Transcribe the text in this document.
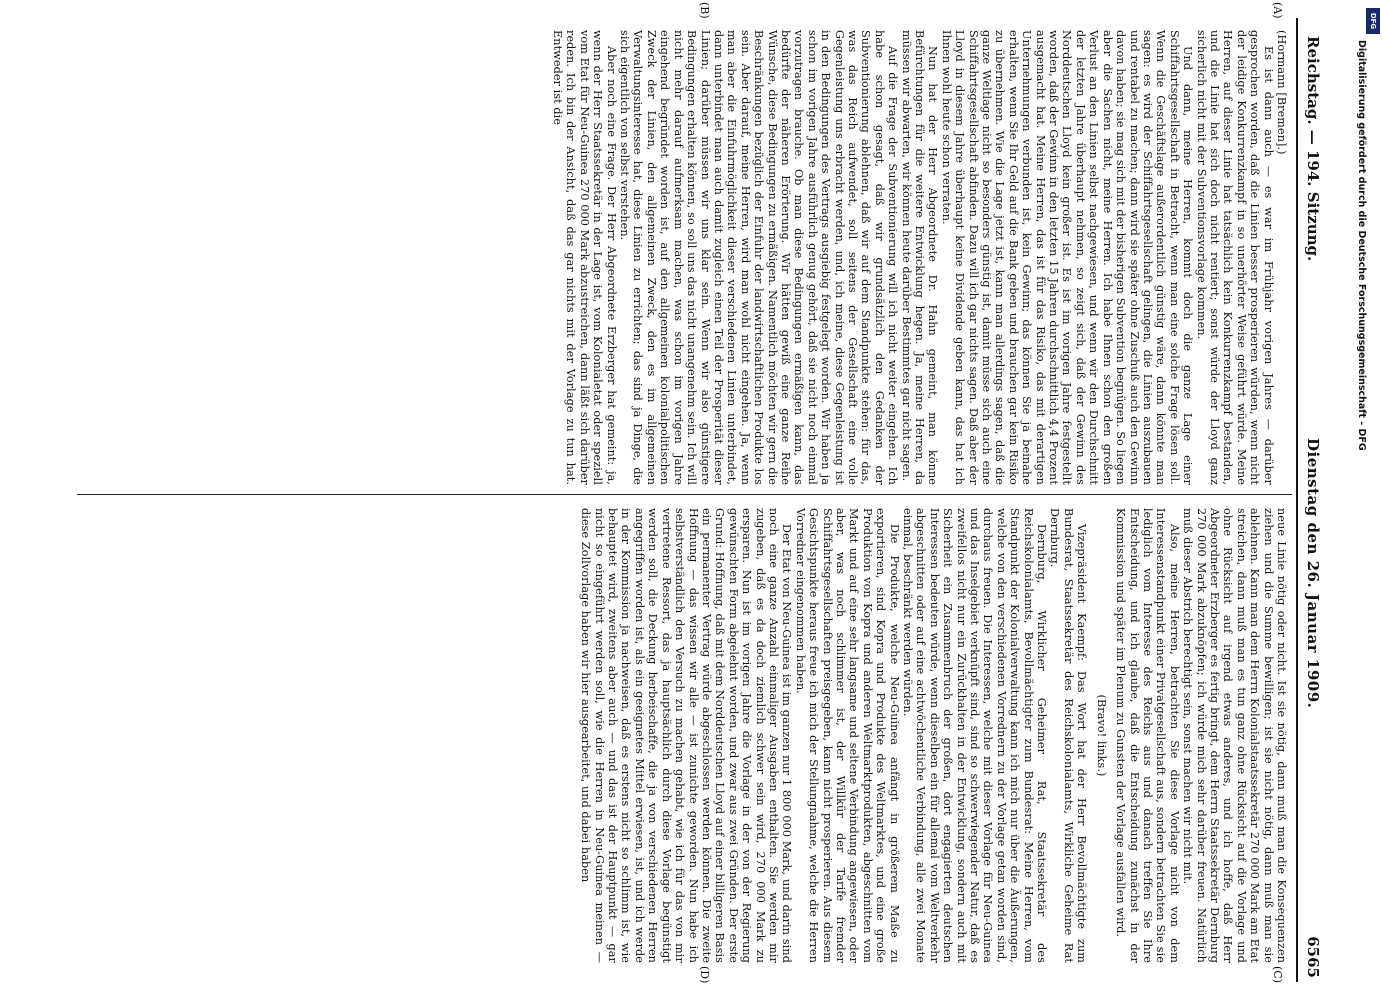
Reichstag. — 194. Sitzung.
Dienstag den 26. Januar 1909.
6565
(A)
(B)
(C)
(D)

(Hormann [Bremen].)

Es ist dann auch — es war im Frühjahr vorigen Jahres — darüber gesprochen worden, daß die Linien besser prosperieren würden, wenn nicht der leidige Konkurrenzkampf in so unerhörter Weise geführt würde. Meine Herren, auf dieser Linie hat tatsächlich kein Konkurrenzkampf bestanden, und die Linie hat sich doch nicht rentiert; sonst würde der Lloyd ganz sicherlich nicht mit der Subventionsvorlage kommen.

Und dann, meine Herren, kommt doch die ganze Lage einer Schiffahrtsgesellschaft in Betracht, wenn man eine solche Frage lösen soll. Wenn die Geschäftslage außerordentlich günstig wäre, dann könnte man sagen: es wird der Schiffahrtsgesellschaft gelingen, die Linien auszubauen und rentabel zu machen; dann wird sie später ohne Zuschuß auch den Gewinn davon haben; sie mag sich mit der bisherigen Subvention begnügen. So liegen aber die Sachen nicht, meine Herren. Ich habe Ihnen schon den großen Verlust an den Linien selbst nachgewiesen, und wenn wir den Durchschnitt der letzten Jahre überhaupt nehmen, so zeigt sich, daß der Gewinn des Norddeutschen Lloyd kein großer ist. Es ist im vorigen Jahre festgestellt worden, daß der Gewinn in den letzten 15 Jahren durchschnittlich 4,4 Prozent ausgemacht hat. Meine Herren, das ist für das Risiko, das mit derartigen Unternehmungen verbunden ist, kein Gewinn; das können Sie ja beinahe erhalten, wenn Sie Ihr Geld auf die Bank geben und brauchen gar kein Risiko zu übernehmen. Wie die Lage jetzt ist, kann man allerdings sagen, daß die ganze Weltlage nicht so besonders günstig ist, damit müsse sich auch eine Schiffahrtsgesellschaft abfinden. Dazu will ich gar nichts sagen. Daß aber der Lloyd in diesem Jahre überhaupt keine Dividende geben kann, das hat ich Ihnen wohl heute schon verraten.

Nun hat der Herr Abgeordnete Dr. Hahn gemeint, man könne Befürchtungen für die weitere Entwicklung hegen. Ja, meine Herren, da müssen wir abwarten, wir können heute darüber Bestimmtes gar nicht sagen.

Auf die Frage der Subventionierung will ich nicht weiter eingehen. Ich habe schon gesagt, daß wir grundsätzlich den Gedanken der Subventionierung ablehnen, daß wir auf dem Standpunkte stehen: für das, was das Reich aufwendet, soll seitens der Gesellschaft eine volle Gegenleistung uns erbracht werden, und, ich meine, diese Gegenleistung ist in den Bedingungen des Vertrags ausgiebig festgelegt worden. Wir haben ja schon im vorigen Jahre ausführlich genug gehört, daß sie nicht noch einmal vorzutragen brauche. Ob man diese Bedingungen ermäßigen kann, das bedürfte der näheren Erörterung. Wir hätten gewiß eine ganze Reihe Wünsche, diese Bedingungen zu ermäßigen. Namentlich möchten wir gern die Beschränkungen bezüglich der Einfuhr der landwirtschaftlichen Produkte los sein. Aber darauf, meine Herren, wird man wohl nicht eingehen. Ja, wenn man aber die Einfuhrmöglichkeit dieser verschiedenen Linien unterbindet, dann unterbindet man auch damit zugleich einen Teil der Prosperität dieser Linien; darüber müssen wir uns klar sein. Wenn wir also günstigere Bedingungen erhalten können, so soll uns das nicht unangenehm sein. Ich will nicht mehr darauf aufmerksam machen, was schon im vorigen Jahre eingehend begründet worden ist, auf den allgemeinen kolonialpolitischen Zweck der Linien, den allgemeinen Zweck, den es im allgemeinen Verwaltungsinteresse hat, diese Linien zu errichten; das sind ja Dinge, die sich eigentlich von selbst verstehen.

Aber noch eine Frage. Der Herr Abgeordnete Erzberger hat gemeint: ja, wenn der Herr Staatssekretär in der Lage ist, vom Kolonialetat oder speziell vom Etat für Neu-Guinea 270 000 Mark abzustreichen, dann läßt sich darüber reden. Ich bin der Ansicht, daß das gar nichts mit der Vorlage zu tun hat. Entweder ist die

neue Linie nötig oder nicht. Ist sie nötig, dann muß man die Konsequenzen ziehen und die Summe bewilligen; ist sie nicht nötig, dann muß man sie ablehnen. Kann man dem Herrn Kolonialstaatssekretär 270 000 Mark am Etat streichen, dann muß man es tun ganz ohne Rücksicht auf die Vorlage und ohne Rücksicht auf irgend etwas anderes, und ich hoffe, daß Herr Abgeordneter Erzberger es fertig bringt, dem Herrn Staatssekretär Dernburg 270 000 Mark abzuknöpfen; ich würde mich sehr darüber freuen. Natürlich muß dieser Abstrich berechtigt sein, sonst machen wir nicht mit.

Also, meine Herren, betrachten Sie diese Vorlage nicht von dem Interessenstandpunkt einer Privatgesellschaft aus, sondern betrachten Sie sie lediglich vom Interesse des Reichs aus und danach treffen Sie Ihre Entscheidung, und ich glaube, daß die Entscheidung zunächst in der Kommission und später im Plenum zu Gunsten der Vorlage ausfallen wird.

(Bravo! links.)

Vizepräsident Kaempf: Das Wort hat der Herr Bevollmächtigte zum Bundesrat, Staatssekretär des Reichskolonialamts, Wirkliche Geheime Rat Dernburg.

Dernburg, Wirklicher Geheimer Rat, Staatssekretär des Reichskolonialamts, Bevollmächtigter zum Bundesrat: Meine Herren, vom Standpunkt der Kolonialverwaltung kann ich mich nur über die Äußerungen, welche von den verschiedenen Vorrednern zu der Vorlage getan worden sind, durchaus freuen. Die Interessen, welche mit dieser Vorlage für Neu-Guinea und das Inselgebiet verknüpft sind, sind so schwerwiegender Natur, daß es zweifellos nicht nur ein Zurückhalten in der Entwicklung, sondern auch mit Sicherheit ein Zusammenbruch der großen, dort engagierten deutschen Interessen bedeuten würde, wenn dieselben ein für allemal vom Weltverkehr abgeschnitten oder auf eine achtwöchentliche Verbindung, alle zwei Monate einmal, beschränkt werden würden.

Die Produkte, welche Neu-Guinea anfängt in größerem Maße zu exportieren, sind Kopra und Produkte des Weltmarktes, und eine große Produktion von Kopra und anderen Weltmarktprodukten, abgeschnitten vom Markt und auf eine sehr langsame und seltene Verbindung angewiesen, oder aber, was noch schlimmer ist, der Willkür der Tarife fremder Schiffahrtsgesellschaften preisgegeben, kann nicht prosperieren. Aus diesem Gesichtspunkte heraus freue ich mich der Stellungnahme, welche die Herren Vorredner eingenommen haben.

Der Etat von Neu-Guinea ist im ganzen nur 1 800 000 Mark, und darin sind noch eine ganze Anzahl einmaliger Ausgaben enthalten. Sie werden mir zugeben, daß es da doch ziemlich schwer sein wird, 270 000 Mark zu ersparen. Nun ist im vorigen Jahre die Vorlage in der von der Regierung gewünschten Form abgelehnt worden, und zwar aus zwei Gründen. Der erste Grund: Hoffnung, daß mit dem Norddeutschen Lloyd auf einer billigeren Basis ein permanenter Vertrag würde abgeschlossen werden können. Die zweite Hoffnung — das wissen wir alle — ist zunichte geworden. Nun habe ich selbstverständlich den Versuch zu machen gehabt, wie ich für das von mir vertretene Ressort, das ja hauptsächlich durch diese Vorlage begünstigt werden soll, die Deckung herbeischaffe, die ja von verschiedenen Herren angegriffen worden ist, als ein geeignetes Mittel erwiesen, ist, und ich werde in der Kommission ja nachweisen, daß es erstens nicht so schlimm ist, wie behauptet wird, zweitens aber auch — und das ist der Hauptpunkt — gar nicht so eingeführt werden soll, wie die Herren in Neu-Guinea meinen — diese Zollvorlage haben wir hier ausgearbeitet, und dabei haben

DFG
Digitalisierung gefördert durch die Deutsche Forschungsgemeinschaft - DFG
